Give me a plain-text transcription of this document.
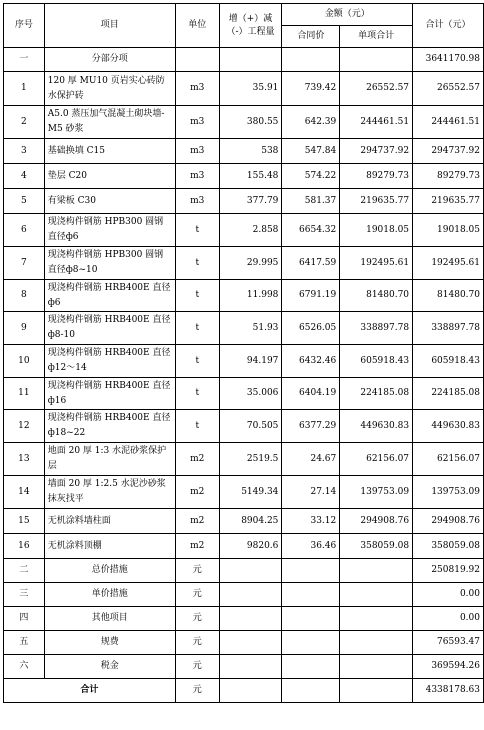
序号	项目	单位	增（+）减（-）工程量	金额（元）		合计（元）
				合同价	单项合计	
一	分部分项					3641170.98
1	120 厚 MU10 页岩实心砖防水保护砖	m3	35.91	739.42	26552.57	26552.57
2	A5.0 蒸压加气混凝土砌块墙-M5 砂浆	m3	380.55	642.39	244461.51	244461.51
3	基础换填 C15	m3	538	547.84	294737.92	294737.92
4	垫层 C20	m3	155.48	574.22	89279.73	89279.73
5	有梁板 C30	m3	377.79	581.37	219635.77	219635.77
6	现浇构件钢筋 HPB300 圆钢直径ф6	t	2.858	6654.32	19018.05	19018.05
7	现浇构件钢筋 HPB300 圆钢直径ф8~10	t	29.995	6417.59	192495.61	192495.61
8	现浇构件钢筋 HRB400E 直径ф6	t	11.998	6791.19	81480.70	81480.70
9	现浇构件钢筋 HRB400E 直径ф8-10	t	51.93	6526.05	338897.78	338897.78
10	现浇构件钢筋 HRB400E 直径ф12～14	t	94.197	6432.46	605918.43	605918.43
11	现浇构件钢筋 HRB400E 直径ф16	t	35.006	6404.19	224185.08	224185.08
12	现浇构件钢筋 HRB400E 直径ф18~22	t	70.505	6377.29	449630.83	449630.83
13	地面 20 厚 1:3 水泥砂浆保护层	m2	2519.5	24.67	62156.07	62156.07
14	墙面 20 厚 1:2.5 水泥沙砂浆抹灰找平	m2	5149.34	27.14	139753.09	139753.09
15	无机涂料墙柱面	m2	8904.25	33.12	294908.76	294908.76
16	无机涂料顶棚	m2	9820.6	36.46	358059.08	358059.08
二	总价措施	元				250819.92
三	单价措施	元				0.00
四	其他项目	元				0.00
五	规费	元				76593.47
六	税金	元				369594.26
合计		元				4338178.63
